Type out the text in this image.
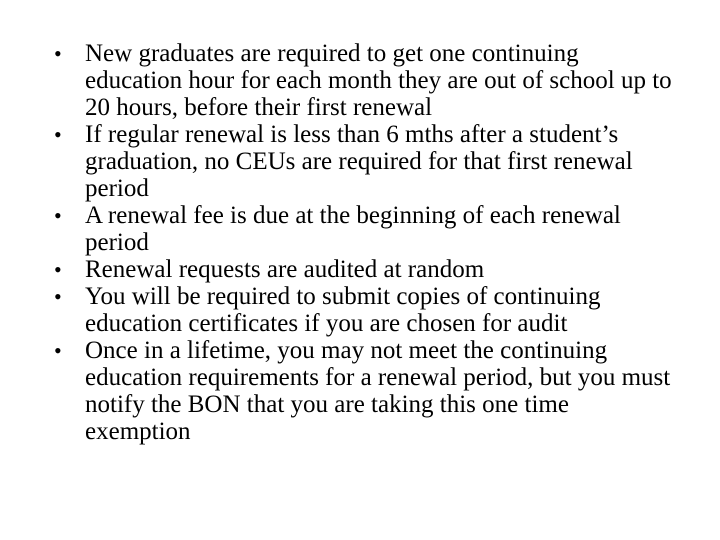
• New graduates are required to get one continuing education hour for each month they are out of school up to 20 hours, before their first renewal
• If regular renewal is less than 6 mths after a student’s graduation, no CEUs are required for that first renewal period
• A renewal fee is due at the beginning of each renewal period
• Renewal requests are audited at random
• You will be required to submit copies of continuing education certificates if you are chosen for audit
• Once in a lifetime, you may not meet the continuing education requirements for a renewal period, but you must notify the BON that you are taking this one time exemption
